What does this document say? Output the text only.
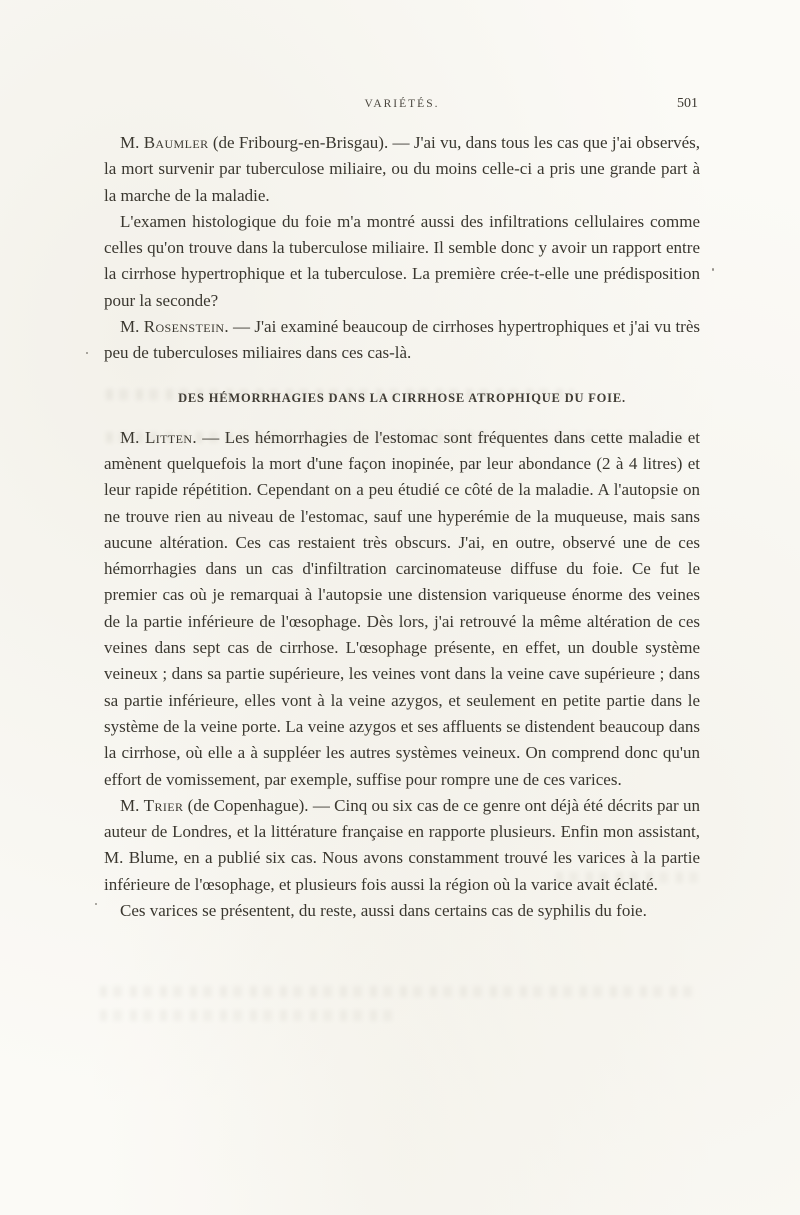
VARIÉTÉS.	501

M. Baumler (de Fribourg-en-Brisgau). — J'ai vu, dans tous les cas que j'ai observés, la mort survenir par tuberculose miliaire, ou du moins celle-ci a pris une grande part à la marche de la maladie.

L'examen histologique du foie m'a montré aussi des infiltrations cellulaires comme celles qu'on trouve dans la tuberculose miliaire. Il semble donc y avoir un rapport entre la cirrhose hypertrophique et la tuberculose. La première crée-t-elle une prédisposition pour la seconde?

M. Rosenstein. — J'ai examiné beaucoup de cirrhoses hypertrophiques et j'ai vu très peu de tuberculoses miliaires dans ces cas-là.

DES HÉMORRHAGIES DANS LA CIRRHOSE ATROPHIQUE DU FOIE.

M. Litten. — Les hémorrhagies de l'estomac sont fréquentes dans cette maladie et amènent quelquefois la mort d'une façon inopinée, par leur abondance (2 à 4 litres) et leur rapide répétition. Cependant on a peu étudié ce côté de la maladie. A l'autopsie on ne trouve rien au niveau de l'estomac, sauf une hyperémie de la muqueuse, mais sans aucune altération. Ces cas restaient très obscurs. J'ai, en outre, observé une de ces hémorrhagies dans un cas d'infiltration carcinomateuse diffuse du foie. Ce fut le premier cas où je remarquai à l'autopsie une distension variqueuse énorme des veines de la partie inférieure de l'œsophage. Dès lors, j'ai retrouvé la même altération de ces veines dans sept cas de cirrhose. L'œsophage présente, en effet, un double système veineux ; dans sa partie supérieure, les veines vont dans la veine cave supérieure ; dans sa partie inférieure, elles vont à la veine azygos, et seulement en petite partie dans le système de la veine porte. La veine azygos et ses affluents se distendent beaucoup dans la cirrhose, où elle a à suppléer les autres systèmes veineux. On comprend donc qu'un effort de vomissement, par exemple, suffise pour rompre une de ces varices.

M. Trier (de Copenhague). — Cinq ou six cas de ce genre ont déjà été décrits par un auteur de Londres, et la littérature française en rapporte plusieurs. Enfin mon assistant, M. Blume, en a publié six cas. Nous avons constamment trouvé les varices à la partie inférieure de l'œsophage, et plusieurs fois aussi la région où la varice avait éclaté.

Ces varices se présentent, du reste, aussi dans certains cas de syphilis du foie.
